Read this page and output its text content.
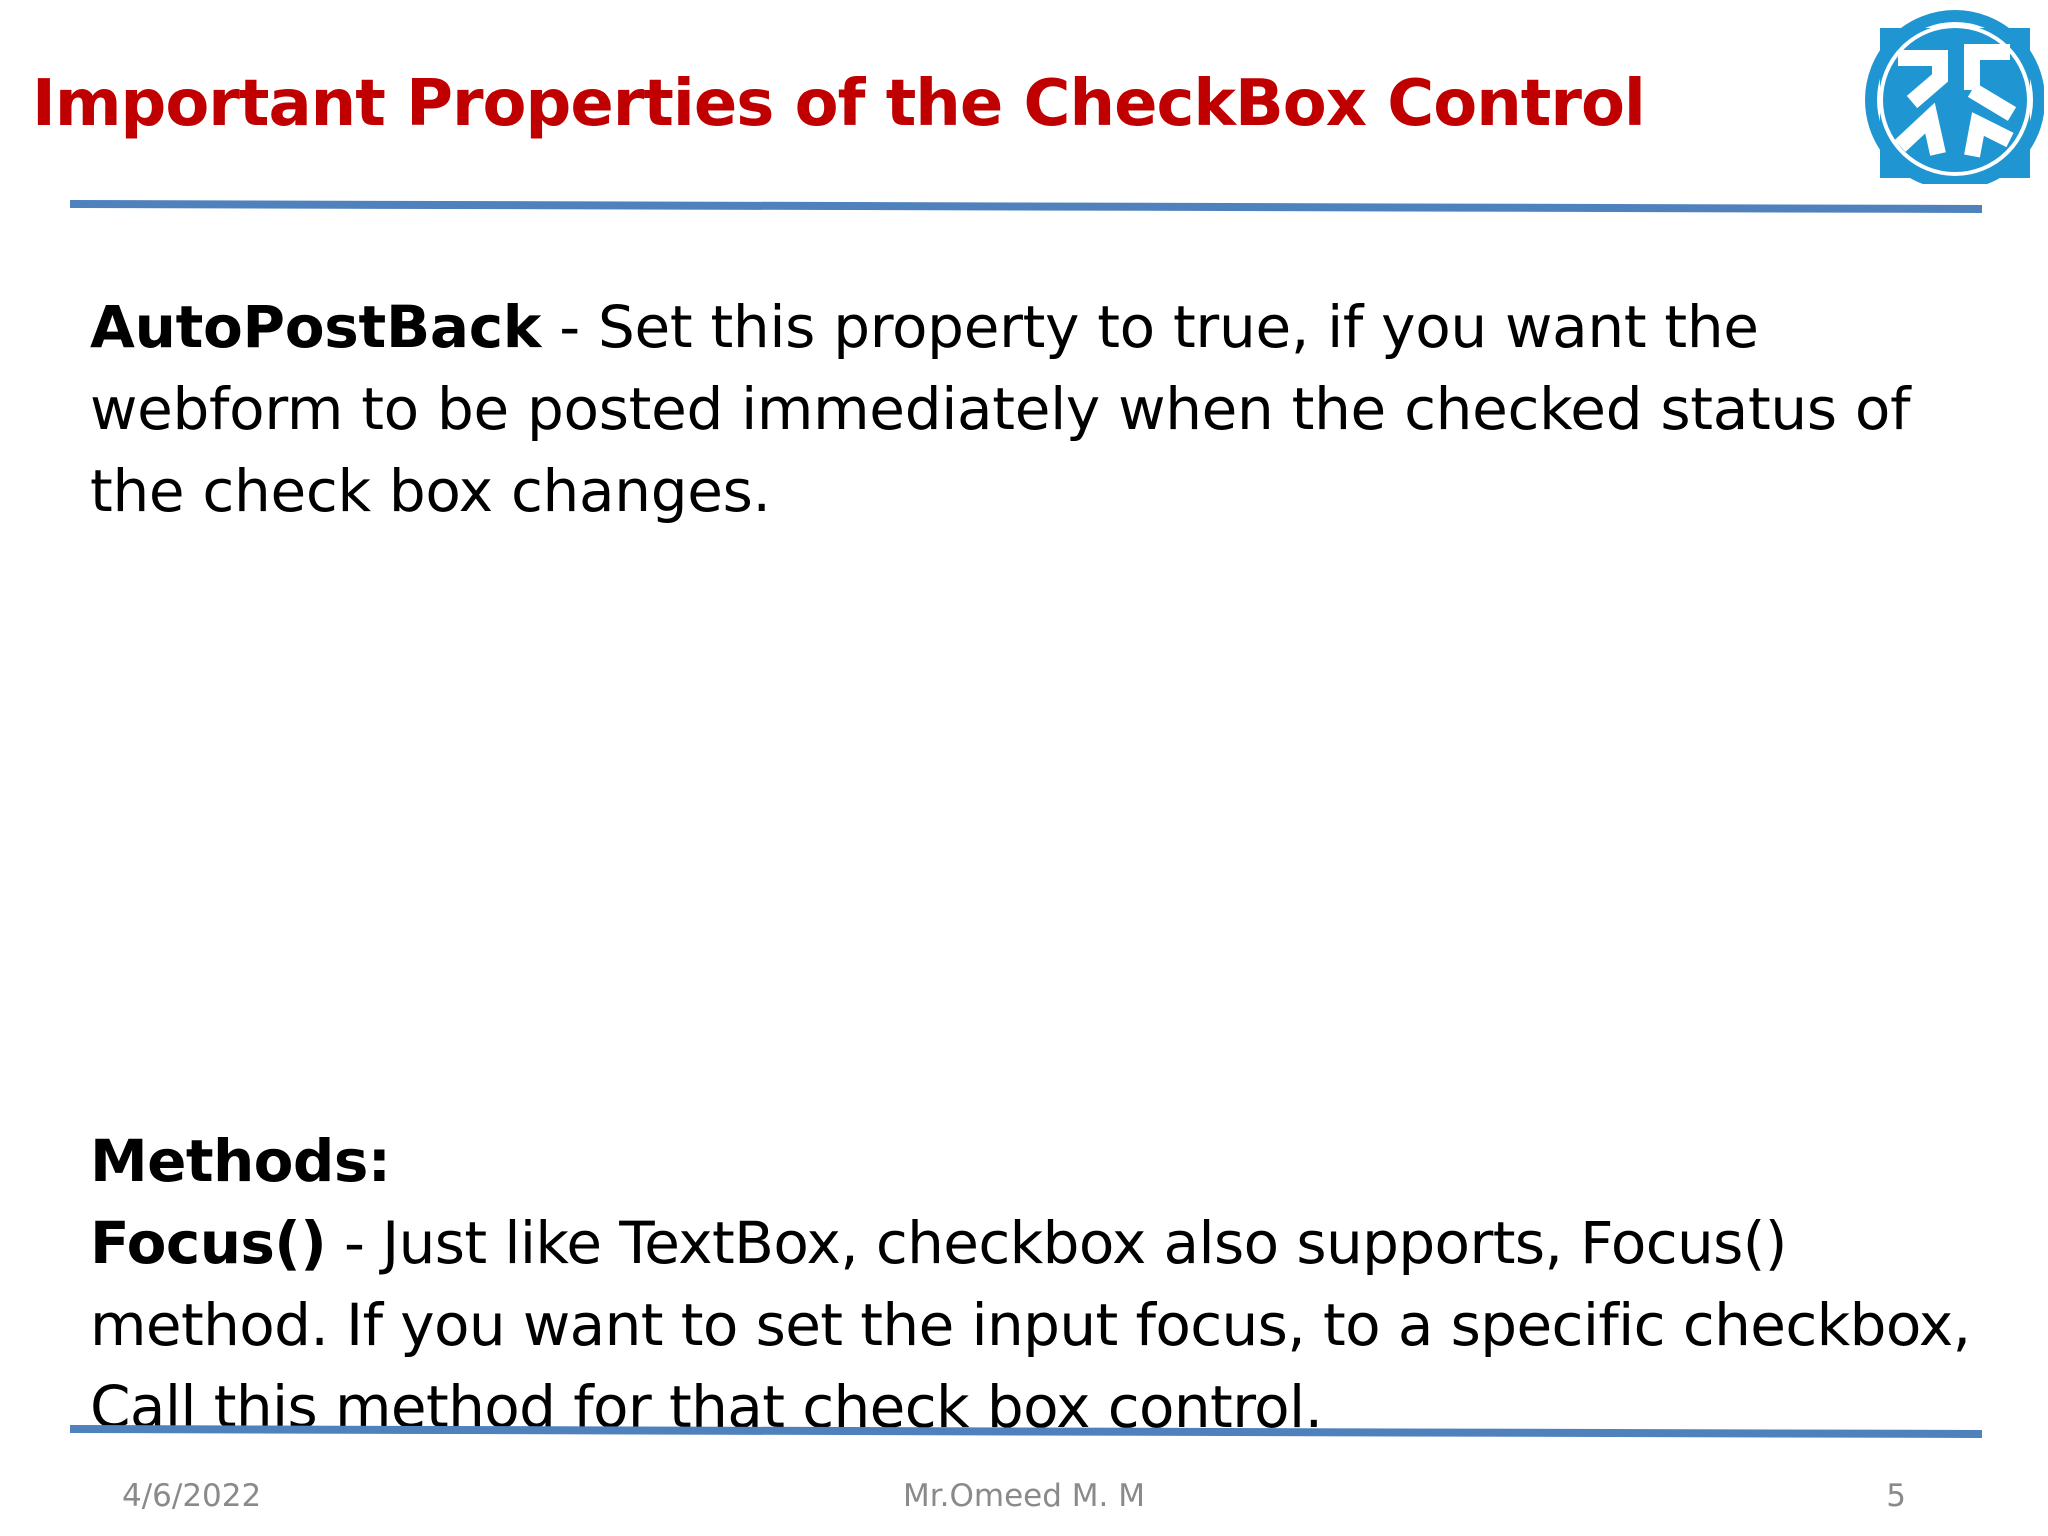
Important Properties of the CheckBox Control

AutoPostBack - Set this property to true, if you want the webform to be posted immediately when the checked status of the check box changes.

Methods:
Focus() - Just like TextBox, checkbox also supports, Focus() method. If you want to set the input focus, to a specific checkbox, Call this method for that check box control.

4/6/2022	Mr.Omeed M. M	5
